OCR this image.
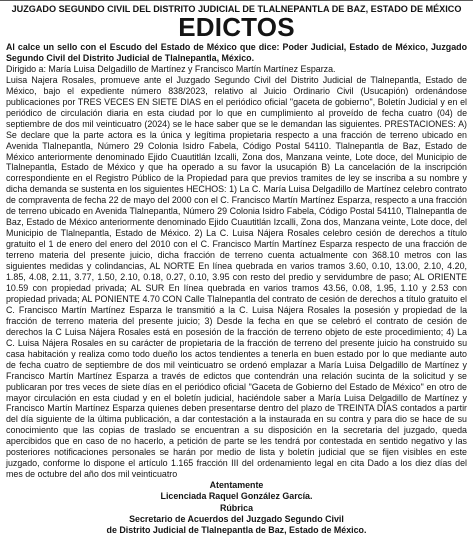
JUZGADO SEGUNDO CIVIL DEL DISTRITO JUDICIAL DE TLALNEPANTLA DE BAZ, ESTADO DE MÉXICO
EDICTOS

Al calce un sello con el Escudo del Estado de México que dice: Poder Judicial, Estado de México, Juzgado Segundo Civil del Distrito Judicial de Tlalnepantla, México.

Dirigido a: María Luisa Delgadillo de Martínez y Francisco Martín Martínez Esparza.

Luisa Najera Rosales, promueve ante el Juzgado Segundo Civil del Distrito Judicial de Tlalnepantla, Estado de México, bajo el expediente número 838/2023, relativo al Juicio Ordinario Civil (Usucapión) ordenándose publicaciones por TRES VECES EN SIETE DIAS en el periódico oficial "gaceta de gobierno", Boletín Judicial y en el periódico de circulación diaria en esta ciudad por lo que en cumplimiento al proveído de fecha cuatro (04) de septiembre de dos mil veinticuatro (2024) se le hace saber que se le demandan las siguientes. PRESTACIONES: A) Se declare que la parte actora es la única y legítima propietaria respecto a una fracción de terreno ubicado en Avenida Tlalnepantla, Número 29 Colonia Isidro Fabela, Código Postal 54110. Tlalnepantla de Baz, Estado de México anteriormente denominado Ejido Cuautitlán Izcalli, Zona dos, Manzana veinte, Lote doce, del Municipio de Tlalnepantla, Estado de México y que ha operado a su favor la usucapión B) La cancelación de la inscripción correspondiente en el Registro Público de la Propiedad para que previos tramites de ley se inscriba a su nombre y dicha demanda se sustenta en los siguientes HECHOS: 1) La C. María Luisa Delgadillo de Martínez celebro contrato de compraventa de fecha 22 de mayo del 2000 con el C. Francisco Martín Martínez Esparza, respecto a una fracción de terreno ubicado en Avenida Tlalnepantla, Número 29 Colonia Isidro Fabela, Código Postal 54110, Tlalnepantla de Baz, Estado de México anteriormente denominado Ejido Cuautitlán Izcalli, Zona dos, Manzana veinte, Lote doce, del Municipio de Tlalnepantla, Estado de México. 2) La C. Luisa Nájera Rosales celebro cesión de derechos a título gratuito el 1 de enero del enero del 2010 con el C. Francisco Martín Martínez Esparza respecto de una fracción de terreno materia del presente juicio, dicha fracción de terreno cuenta actualmente con 368.10 metros con las siguientes medidas y colindancias, AL NORTE En línea quebrada en varios tramos 3.60, 0.10, 13.00, 2.10, 4.20, 1.85, 4.08, 2.11, 3.77, 1.50, 2.10, 0.18, 0.27, 0.10, 3.95 con resto del predio y servidumbre de paso; AL ORIENTE 10.59 con propiedad privada; AL SUR En línea quebrada en varios tramos 43.56, 0.08, 1.95, 1.10 y 2.53 con propiedad privada; AL PONIENTE 4.70 CON Calle Tlalnepantla del contrato de cesión de derechos a título gratuito el C. Francisco Martín Martínez Esparza le transmitió a la C. Luisa Nájera Rosales la posesión y propiedad de la fracción de terreno materia del presente juicio; 3) Desde la fecha en que se celebró el contrato de cesión de derechos la C Luisa Nájera Rosales está en posesión de la fracción de terreno objeto de este procedimiento; 4) La C. Luisa Nájera Rosales en su carácter de propietaria de la fracción de terreno del presente juicio ha construido su casa habitación y realiza como todo dueño los actos tendientes a tenerla en buen estado por lo que mediante auto de fecha cuatro de septiembre de dos mil veinticuatro se ordenó emplazar a María Luisa Delgadillo de Martínez y Francisco Martín Martínez Esparza a través de edictos que contendrán una relación sucinta de la solicitud y se publicaran por tres veces de siete días en el periódico oficial "Gaceta de Gobierno del Estado de México" en otro de mayor circulación en esta ciudad y en el boletín judicial, haciéndole saber a María Luisa Delgadillo de Martínez y Francisco Martín Martínez Esparza quienes deben presentarse dentro del plazo de TREINTA DÍAS contados a partir del día siguiente de la última publicación, a dar contestación a la instaurada en su contra y para dio se hace de su conocimiento que las copias de traslado se encuentran a su disposición en la secretaria del juzgado, queda apercibidos que en caso de no hacerlo, a petición de parte se les tendrá por contestada en sentido negativo y las posteriores notificaciones personales se harán por medio de lista y boletín judicial que se fijen visibles en este juzgado, conforme lo dispone el artículo 1.165 fracción III del ordenamiento legal en cita Dado a los diez días del mes de octubre del año dos mil veinticuatro

Atentamente
Licenciada Raquel González García.
Rúbrica
Secretario de Acuerdos del Juzgado Segundo Civil
de Distrito Judicial de Tlalnepantla de Baz, Estado de México.
